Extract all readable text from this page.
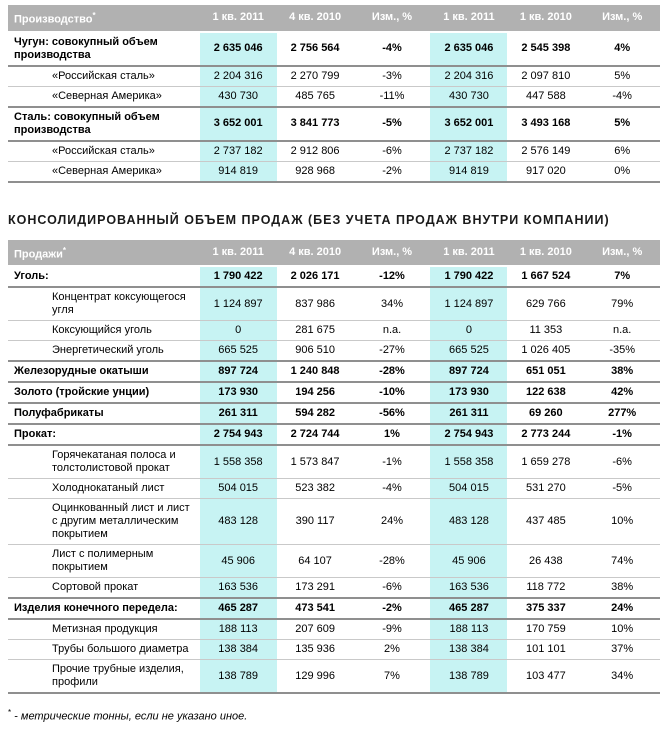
Производство*	1 кв. 2011	4 кв. 2010	Изм., %	1 кв. 2011	1 кв. 2010	Изм., %
Чугун: совокупный объем производства	2 635 046	2 756 564	-4%	2 635 046	2 545 398	4%
«Российская сталь»	2 204 316	2 270 799	-3%	2 204 316	2 097 810	5%
«Северная Америка»	430 730	485 765	-11%	430 730	447 588	-4%
Сталь: совокупный объем производства	3 652 001	3 841 773	-5%	3 652 001	3 493 168	5%
«Российская сталь»	2 737 182	2 912 806	-6%	2 737 182	2 576 149	6%
«Северная Америка»	914 819	928 968	-2%	914 819	917 020	0%
КОНСОЛИДИРОВАННЫЙ ОБЪЕМ ПРОДАЖ (БЕЗ УЧЕТА ПРОДАЖ ВНУТРИ КОМПАНИИ)
Продажи*	1 кв. 2011	4 кв. 2010	Изм., %	1 кв. 2011	1 кв. 2010	Изм., %
Уголь:	1 790 422	2 026 171	-12%	1 790 422	1 667 524	7%
Концентрат коксующегося угля	1 124 897	837 986	34%	1 124 897	629 766	79%
Коксующийся уголь	0	281 675	n.a.	0	11 353	n.a.
Энергетический уголь	665 525	906 510	-27%	665 525	1 026 405	-35%
Железорудные окатыши	897 724	1 240 848	-28%	897 724	651 051	38%
Золото (тройские унции)	173 930	194 256	-10%	173 930	122 638	42%
Полуфабрикаты	261 311	594 282	-56%	261 311	69 260	277%
Прокат:	2 754 943	2 724 744	1%	2 754 943	2 773 244	-1%
Горячекатаная полоса и толстолистовой прокат	1 558 358	1 573 847	-1%	1 558 358	1 659 278	-6%
Холоднокатаный лист	504 015	523 382	-4%	504 015	531 270	-5%
Оцинкованный лист и лист с другим металлическим покрытием	483 128	390 117	24%	483 128	437 485	10%
Лист с полимерным покрытием	45 906	64 107	-28%	45 906	26 438	74%
Сортовой прокат	163 536	173 291	-6%	163 536	118 772	38%
Изделия конечного передела:	465 287	473 541	-2%	465 287	375 337	24%
Метизная продукция	188 113	207 609	-9%	188 113	170 759	10%
Трубы большого диаметра	138 384	135 936	2%	138 384	101 101	37%
Прочие трубные изделия, профили	138 789	129 996	7%	138 789	103 477	34%

* - метрические тонны, если не указано иное.
